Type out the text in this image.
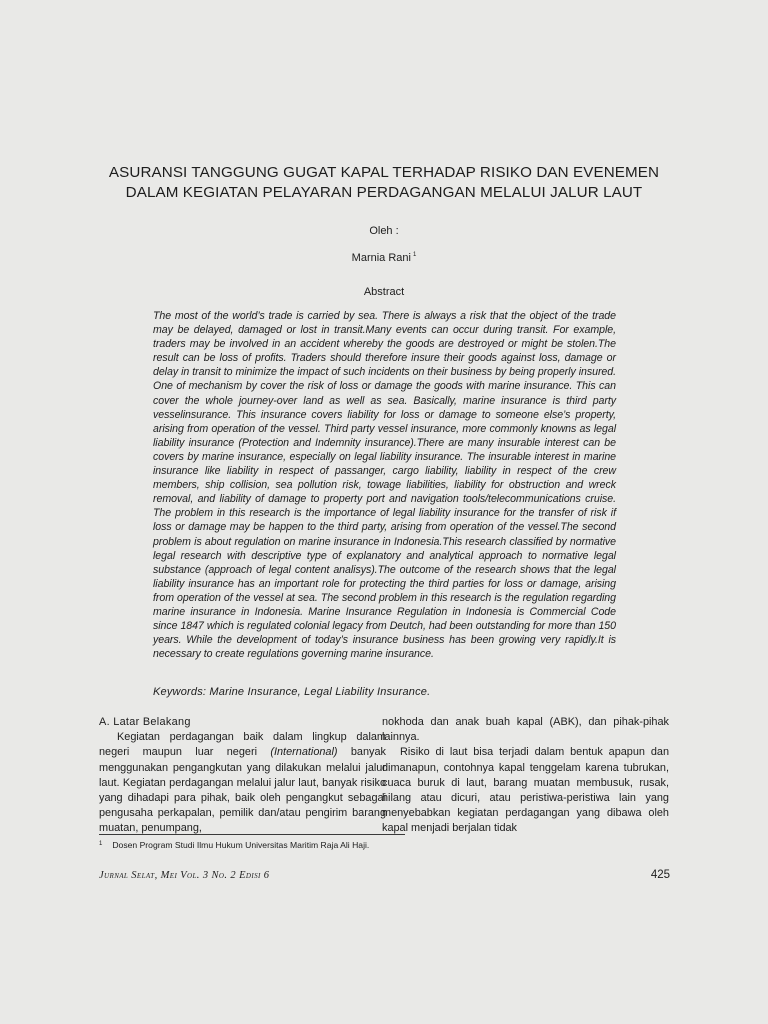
ASURANSI TANGGUNG GUGAT KAPAL TERHADAP RISIKO DAN EVENEMEN
DALAM KEGIATAN PELAYARAN PERDAGANGAN MELALUI JALUR LAUT
Oleh :
Marnia Rani $^1$
Abstract
The most of the world’s trade is carried by sea. There is always a risk that the object of the trade may be delayed, damaged or lost in transit.Many events can occur during transit. For example, traders may be involved in an accident whereby the goods are destroyed or might be stolen.The result can be loss of profits. Traders should therefore insure their goods against loss, damage or delay in transit to minimize the impact of such incidents on their business by being properly insured. One of mechanism by cover the risk of loss or damage the goods with marine insurance. This can cover the whole journey-over land as well as sea. Basically, marine insurance is third party vesselinsurance. This insurance covers liability for loss or damage to someone else’s property, arising from operation of the vessel. Third party vessel insurance, more commonly knowns as legal liability insurance (Protection and Indemnity insurance).There are many insurable interest can be covers by marine insurance, especially on legal liability insurance. The insurable interest in marine insurance like liability in respect of passanger, cargo liability, liability in respect of the crew members, ship collision, sea pollution risk, towage liabilities, liability for obstruction and wreck removal, and liability of damage to property port and navigation tools/telecommunications cruise. The problem in this research is the importance of legal liability insurance for the transfer of risk if loss or damage may be happen to the third party, arising from operation of the vessel.The second problem is about regulation on marine insurance in Indonesia.This research classified by normative legal research with descriptive type of explanatory and analytical approach to normative legal substance (approach of legal content analisys).The outcome of the research shows that the legal liability insurance has an important role for protecting the third parties for loss or damage, arising from operation of the vessel at sea. The second problem in this research is the regulation regarding marine insurance in Indonesia. Marine Insurance Regulation in Indonesia is Commercial Code since 1847 which is regulated colonial legacy from Deutch, had been outstanding for more than 150 years. While the development of today’s insurance business has been growing very rapidly.It is necessary to create regulations governing marine insurance.
Keywords: Marine Insurance, Legal Liability Insurance.

A. Latar Belakang

Kegiatan perdagangan baik dalam lingkup dalam negeri maupun luar negeri (International) banyak menggunakan pengangkutan yang dilakukan melalui jalur laut. Kegiatan perdagangan melalui jalur laut, banyak risiko yang dihadapi para pihak, baik oleh pengangkut sebagai pengusaha perkapalan, pemilik dan/atau pengirim barang muatan, penumpang,

nokhoda dan anak buah kapal (ABK), dan pihak-pihak lainnya.

Risiko di laut bisa terjadi dalam bentuk apapun dan dimanapun, contohnya kapal tenggelam karena tubrukan, cuaca buruk di laut, barang muatan membusuk, rusak, hilang atau dicuri, atau peristiwa-peristiwa lain yang menyebabkan kegiatan perdagangan yang dibawa oleh kapal menjadi berjalan tidak

$^1$ Dosen Program Studi Ilmu Hukum Universitas Maritim Raja Ali Haji.
Jurnal Selat, Mei Vol. 3 No. 2 Edisi 6	425
